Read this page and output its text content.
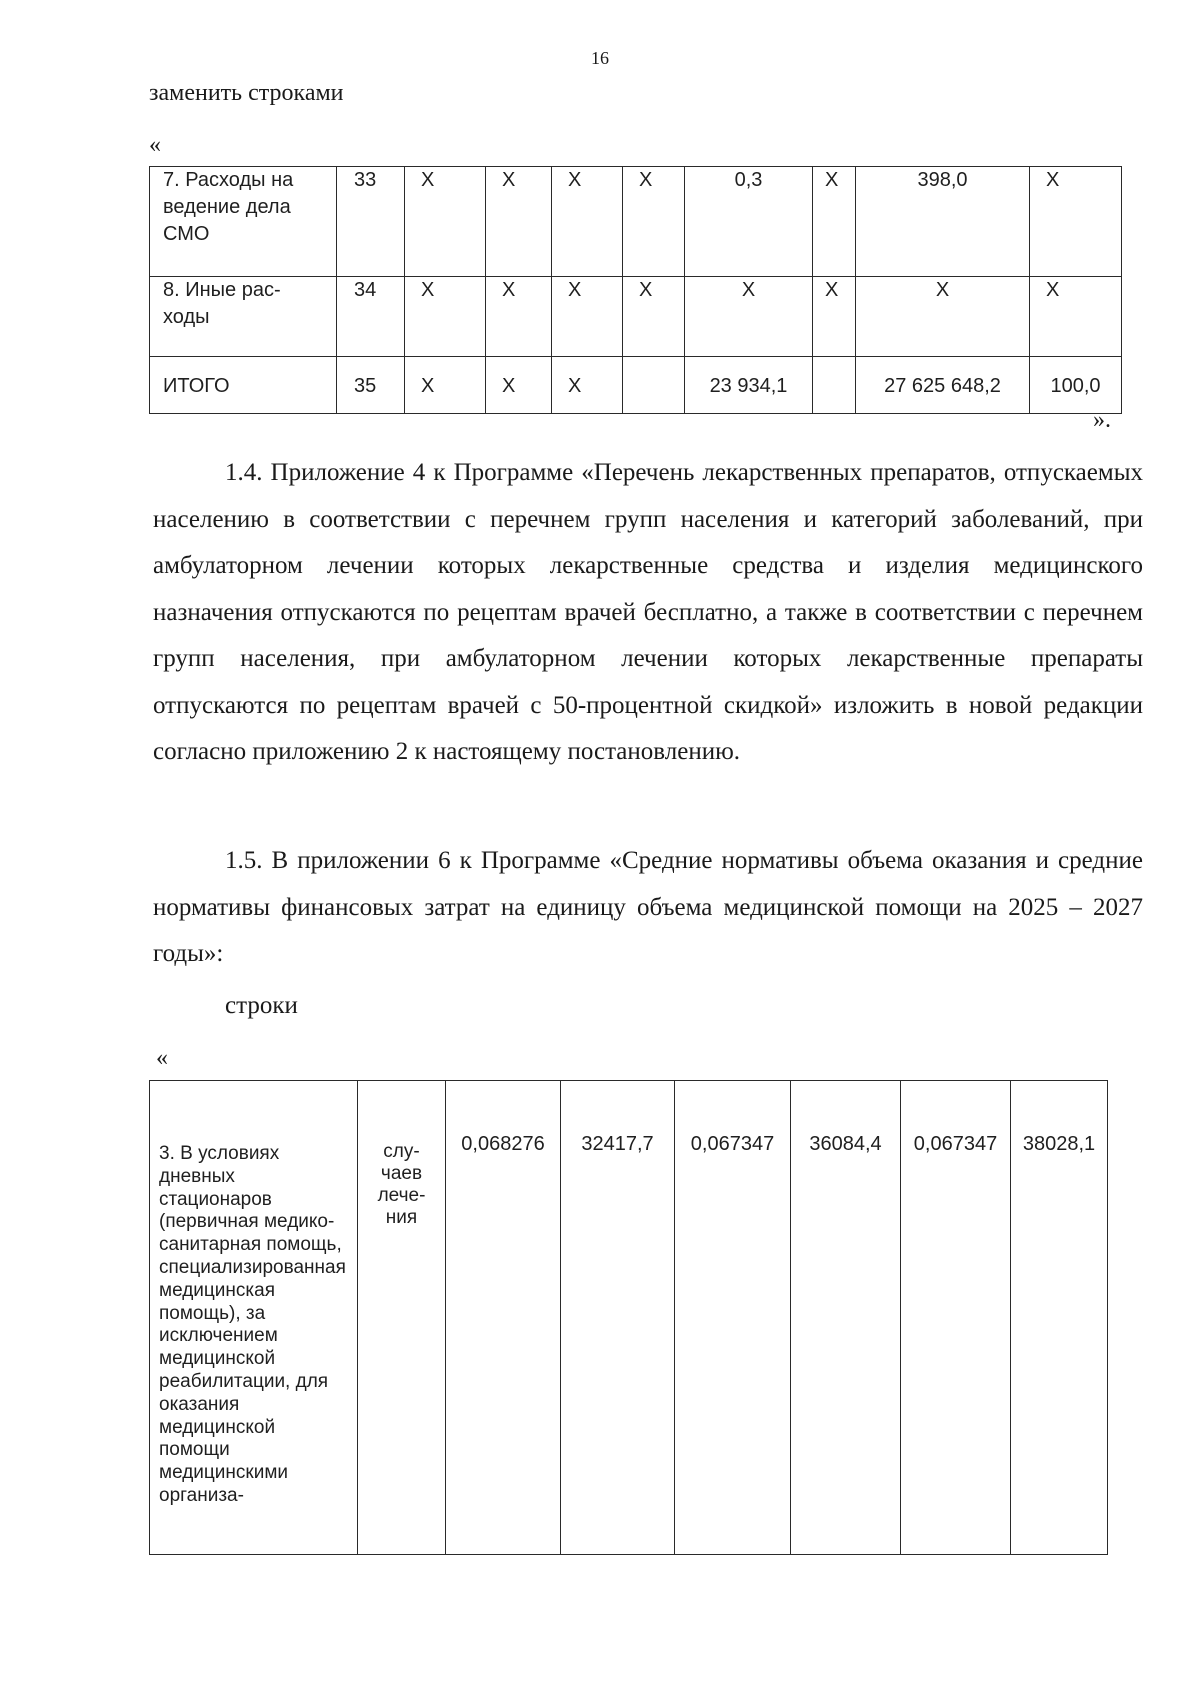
16
заменить строками
«
7. Расходы на
ведение дела
СМО	33	X	X	X	X	0,3	X	398,0	X
8. Иные рас-
ходы	34	X	X	X	X	X	X	X	X
ИТОГО	35	X	X	X		23 934,1		27 625 648,2	100,0
».

1.4. Приложение 4 к Программе «Перечень лекарственных препаратов, отпускаемых населению в соответствии с перечнем групп населения и категорий заболеваний, при амбулаторном лечении которых лекарственные средства и изделия медицинского назначения отпускаются по рецептам врачей бесплатно, а также в соответствии с перечнем групп населения, при амбулаторном лечении которых лекарственные препараты отпускаются по рецептам врачей с 50-процентной скидкой» изложить в новой редакции согласно приложению 2 к настоящему постановлению.

1.5. В приложении 6 к Программе «Средние нормативы объема оказания и средние нормативы финансовых затрат на единицу объема медицинской помощи на 2025 – 2027 годы»:

строки
«
3. В условиях дневных стационаров (первичная медико-санитарная помощь, специализированная медицинская помощь), за исключением медицинской реабилитации, для оказания медицинской помощи медицинскими организа-	слу-
чаев
лече-
ния	0,068276	32417,7	0,067347	36084,4	0,067347	38028,1
